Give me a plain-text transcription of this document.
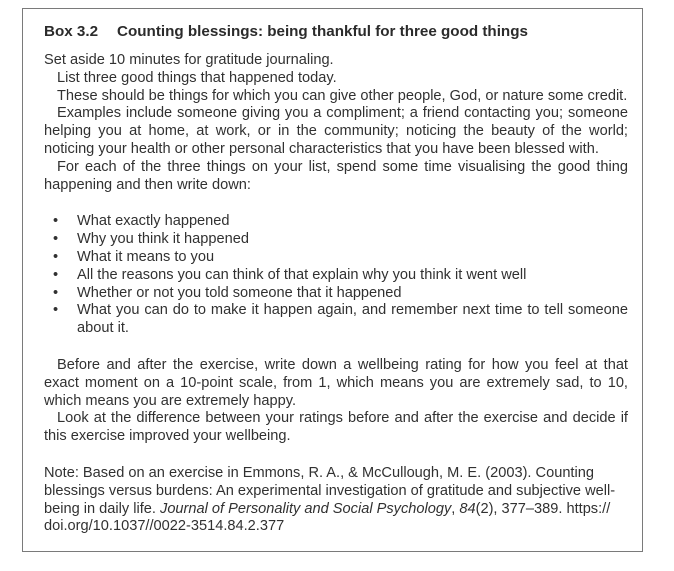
Box 3.2 Counting blessings: being thankful for three good things

Set aside 10 minutes for gratitude journaling.

List three good things that happened today.

These should be things for which you can give other people, God, or nature some credit.

Examples include someone giving you a compliment; a friend contacting you; someone helping you at home, at work, or in the community; noticing the beauty of the world; noticing your health or other personal characteristics that you have been blessed with.

For each of the three things on your list, spend some time visualising the good thing happening and then write down:

• What exactly happened
• Why you think it happened
• What it means to you
• All the reasons you can think of that explain why you think it went well
• Whether or not you told someone that it happened
• What you can do to make it happen again, and remember next time to tell someone about it.

Before and after the exercise, write down a wellbeing rating for how you feel at that exact moment on a 10-point scale, from 1, which means you are extremely sad, to 10, which means you are extremely happy.

Look at the difference between your ratings before and after the exercise and decide if this exercise improved your wellbeing.

Note: Based on an exercise in Emmons, R. A., & McCullough, M. E. (2003). Counting blessings versus burdens: An experimental investigation of gratitude and subjective well-being in daily life. Journal of Personality and Social Psychology, 84(2), 377–389. https://doi.org/10.1037//0022-3514.84.2.377
